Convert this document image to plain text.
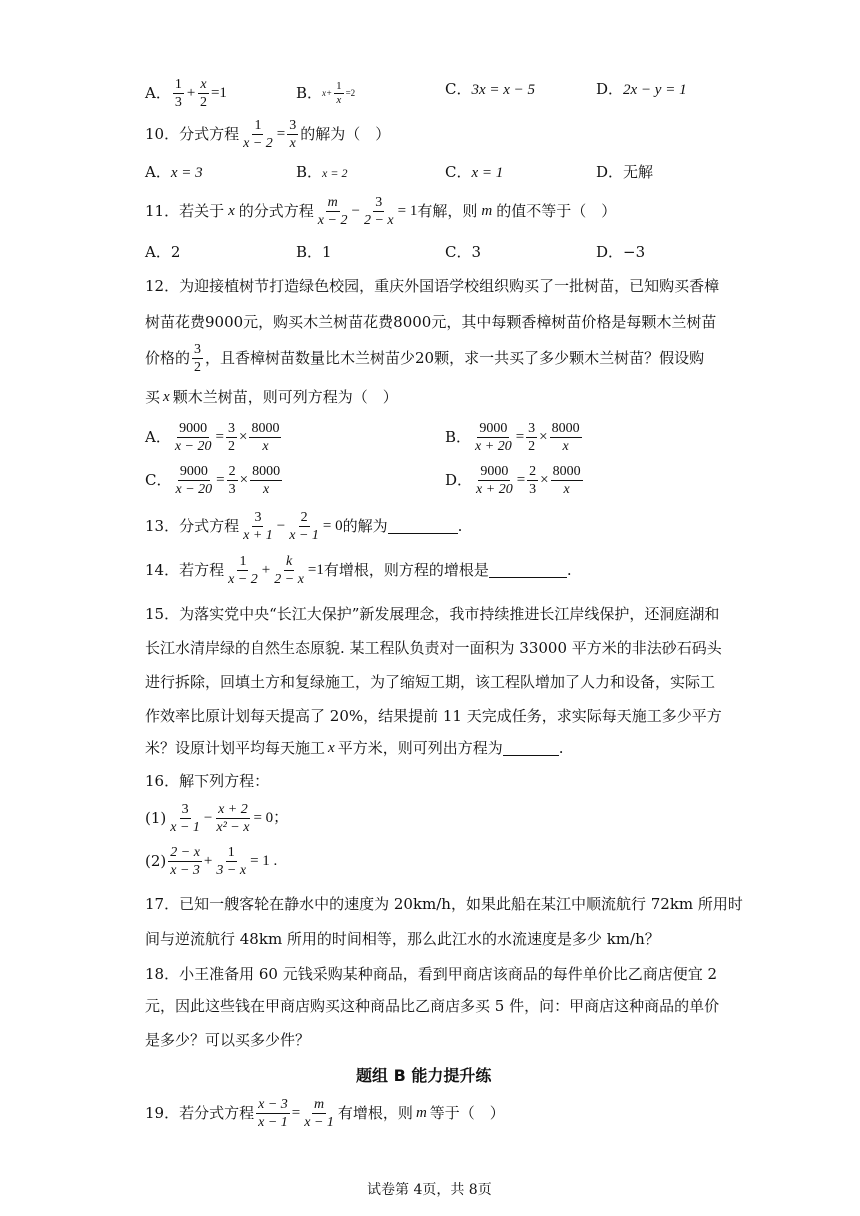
A． $\frac{1}{3} + \frac{x}{2} =1$	B． $x+ \frac{1}{x} =2$	C．3x = x − 5	D．2x − y = 1
10． 分式方程 $\frac{1}{x - 2} = \frac{3}{x}$ 的解为（　）
A．x = 3	B．x = 2	C．x = 1	D．无解
11． 若关于 x 的分式方程 $\frac{m}{x - 2} - \frac{3}{2 - x} = 1$ 有解，则 m 的值不等于（　）
A．2	B．1	C．3	D．−3
12．为迎接植树节打造绿色校园，重庆外国语学校组织购买了一批树苗，已知购买香樟
树苗花费9000元，购买木兰树苗花费8000元，其中每颗香樟树苗价格是每颗木兰树苗
价格的 $\frac{3}{2}$ ，且香樟树苗数量比木兰树苗少20颗，求一共买了多少颗木兰树苗？假设购
买 x 颗木兰树苗，则可列方程为（　）
A． $\frac{9000}{x - 20} = \frac{3}{2} \times \frac{8000}{x}$	B． $\frac{9000}{x + 20} = \frac{3}{2} \times \frac{8000}{x}$
C． $\frac{9000}{x - 20} = \frac{2}{3} \times \frac{8000}{x}$	D． $\frac{9000}{x + 20} = \frac{2}{3} \times \frac{8000}{x}$
13． 分式方程 $\frac{3}{x + 1} - \frac{2}{x - 1} = 0$ 的解为	.
14． 若方程 $\frac{1}{x - 2} + \frac{k}{2 - x} =1$ 有增根，则方程的增根是	.
15．为落实党中央“长江大保护”新发展理念，我市持续推进长江岸线保护，还洞庭湖和
长江水清岸绿的自然生态原貌. 某工程队负责对一面积为 33000 平方米的非法砂石码头
进行拆除，回填土方和复绿施工，为了缩短工期，该工程队增加了人力和设备，实际工
作效率比原计划每天提高了 20%，结果提前 11 天完成任务，求实际每天施工多少平方
米？设原计划平均每天施工 x 平方米，则可列出方程为	.
16．解下列方程：
$(1) \frac{3}{x - 1} - \frac{x + 2}{\text{x² − x}} = 0$；
$(2) \frac{2 - x}{x - 3} + \frac{1}{3 - x} = 1$ .
17．已知一艘客轮在静水中的速度为 20km/h，如果此船在某江中顺流航行 72km 所用时
间与逆流航行 48km 所用的时间相等，那么此江水的水流速度是多少 km/h？
18．小王准备用 60 元钱采购某种商品，看到甲商店该商品的每件单价比乙商店便宜 2
元，因此这些钱在甲商店购买这种商品比乙商店多买 5 件，问：甲商店这种商品的单价
是多少？可以买多少件？
题组 B 能力提升练
19． 若分式方程 $\frac{x - 3}{x - 1} = \frac{m}{x - 1}$ 有增根，则 m 等于（　）
试卷第 4页，共 8页
